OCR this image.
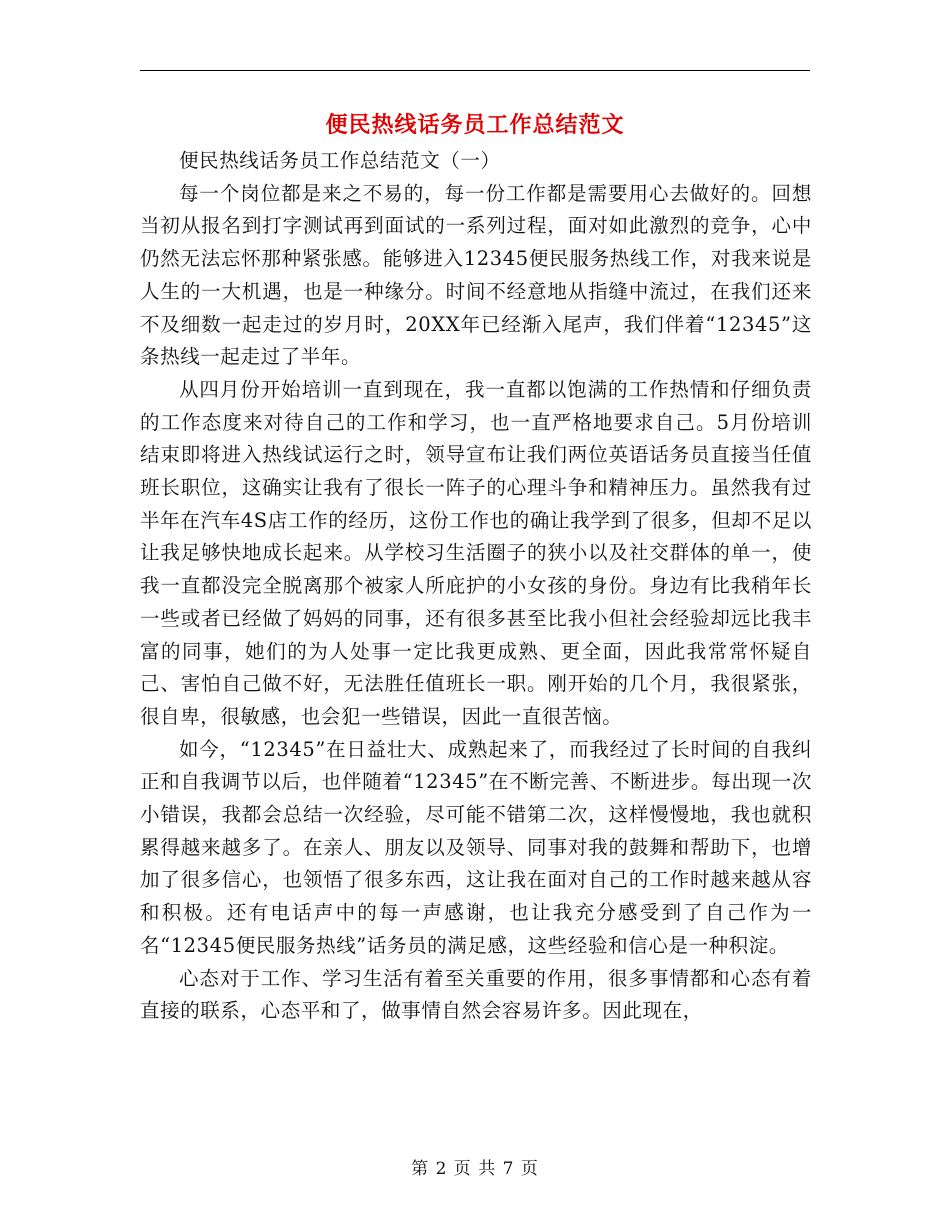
便民热线话务员工作总结范文

便民热线话务员工作总结范文（一）

每一个岗位都是来之不易的，每一份工作都是需要用心去做好的。回想当初从报名到打字测试再到面试的一系列过程，面对如此激烈的竞争，心中仍然无法忘怀那种紧张感。能够进入12345便民服务热线工作，对我来说是人生的一大机遇，也是一种缘分。时间不经意地从指缝中流过，在我们还来不及细数一起走过的岁月时，20XX年已经渐入尾声，我们伴着“12345”这条热线一起走过了半年。

从四月份开始培训一直到现在，我一直都以饱满的工作热情和仔细负责的工作态度来对待自己的工作和学习，也一直严格地要求自己。5月份培训结束即将进入热线试运行之时，领导宣布让我们两位英语话务员直接当任值班长职位，这确实让我有了很长一阵子的心理斗争和精神压力。虽然我有过半年在汽车4S店工作的经历，这份工作也的确让我学到了很多，但却不足以让我足够快地成长起来。从学校习生活圈子的狭小以及社交群体的单一，使我一直都没完全脱离那个被家人所庇护的小女孩的身份。身边有比我稍年长一些或者已经做了妈妈的同事，还有很多甚至比我小但社会经验却远比我丰富的同事，她们的为人处事一定比我更成熟、更全面，因此我常常怀疑自己、害怕自己做不好，无法胜任值班长一职。刚开始的几个月，我很紧张，很自卑，很敏感，也会犯一些错误，因此一直很苦恼。

如今，“12345”在日益壮大、成熟起来了，而我经过了长时间的自我纠正和自我调节以后，也伴随着“12345”在不断完善、不断进步。每出现一次小错误，我都会总结一次经验，尽可能不错第二次，这样慢慢地，我也就积累得越来越多了。在亲人、朋友以及领导、同事对我的鼓舞和帮助下，也增加了很多信心，也领悟了很多东西，这让我在面对自己的工作时越来越从容和积极。还有电话声中的每一声感谢，也让我充分感受到了自己作为一名“12345便民服务热线”话务员的满足感，这些经验和信心是一种积淀。

心态对于工作、学习生活有着至关重要的作用，很多事情都和心态有着直接的联系，心态平和了，做事情自然会容易许多。因此现在，

第 2 页 共 7 页
